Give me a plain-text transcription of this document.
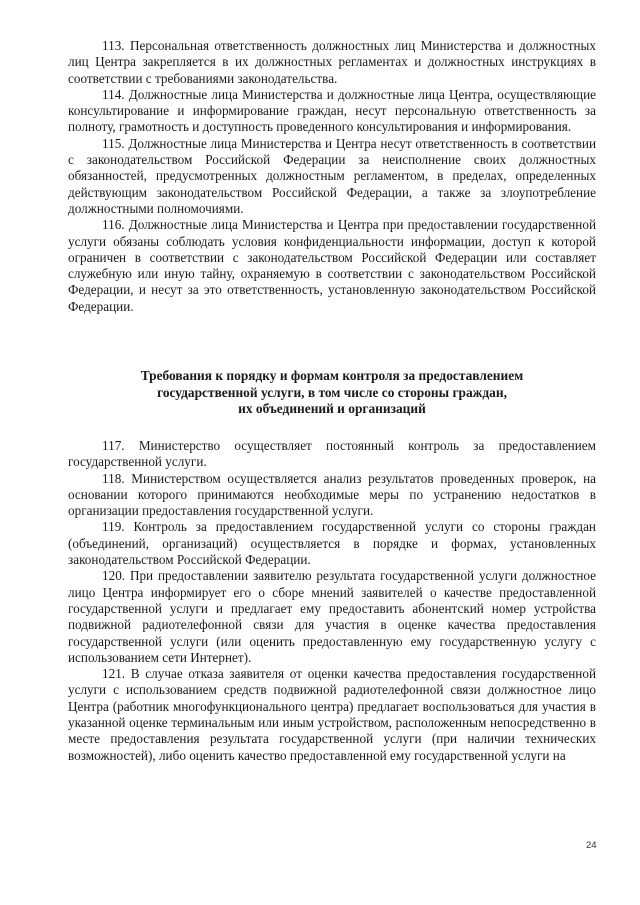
113. Персональная ответственность должностных лиц Министерства и должностных лиц Центра закрепляется в их должностных регламентах и должностных инструкциях в соответствии с требованиями законодательства.

114. Должностные лица Министерства и должностные лица Центра, осуществляющие консультирование и информирование граждан, несут персональную ответственность за полноту, грамотность и доступность проведенного консультирования и информирования.

115. Должностные лица Министерства и Центра несут ответственность в соответствии с законодательством Российской Федерации за неисполнение своих должностных обязанностей, предусмотренных должностным регламентом, в пределах, определенных действующим законодательством Российской Федерации, а также за злоупотребление должностными полномочиями.

116. Должностные лица Министерства и Центра при предоставлении государственной услуги обязаны соблюдать условия конфиденциальности информации, доступ к которой ограничен в соответствии с законодательством Российской Федерации или составляет служебную или иную тайну, охраняемую в соответствии с законодательством Российской Федерации, и несут за это ответственность, установленную законодательством Российской Федерации.

Требования к порядку и формам контроля за предоставлением
государственной услуги, в том числе со стороны граждан,
их объединений и организаций

117. Министерство осуществляет постоянный контроль за предоставлением государственной услуги.

118. Министерством осуществляется анализ результатов проведенных проверок, на основании которого принимаются необходимые меры по устранению недостатков в организации предоставления государственной услуги.

119. Контроль за предоставлением государственной услуги со стороны граждан (объединений, организаций) осуществляется в порядке и формах, установленных законодательством Российской Федерации.

120. При предоставлении заявителю результата государственной услуги должностное лицо Центра информирует его о сборе мнений заявителей о качестве предоставленной государственной услуги и предлагает ему предоставить абонентский номер устройства подвижной радиотелефонной связи для участия в оценке качества предоставления государственной услуги (или оценить предоставленную ему государственную услугу с использованием сети Интернет).

121. В случае отказа заявителя от оценки качества предоставления государственной услуги с использованием средств подвижной радиотелефонной связи должностное лицо Центра (работник многофункционального центра) предлагает воспользоваться для участия в указанной оценке терминальным или иным устройством, расположенным непосредственно в месте предоставления результата государственной услуги (при наличии технических возможностей), либо оценить качество предоставленной ему государственной услуги на

24
